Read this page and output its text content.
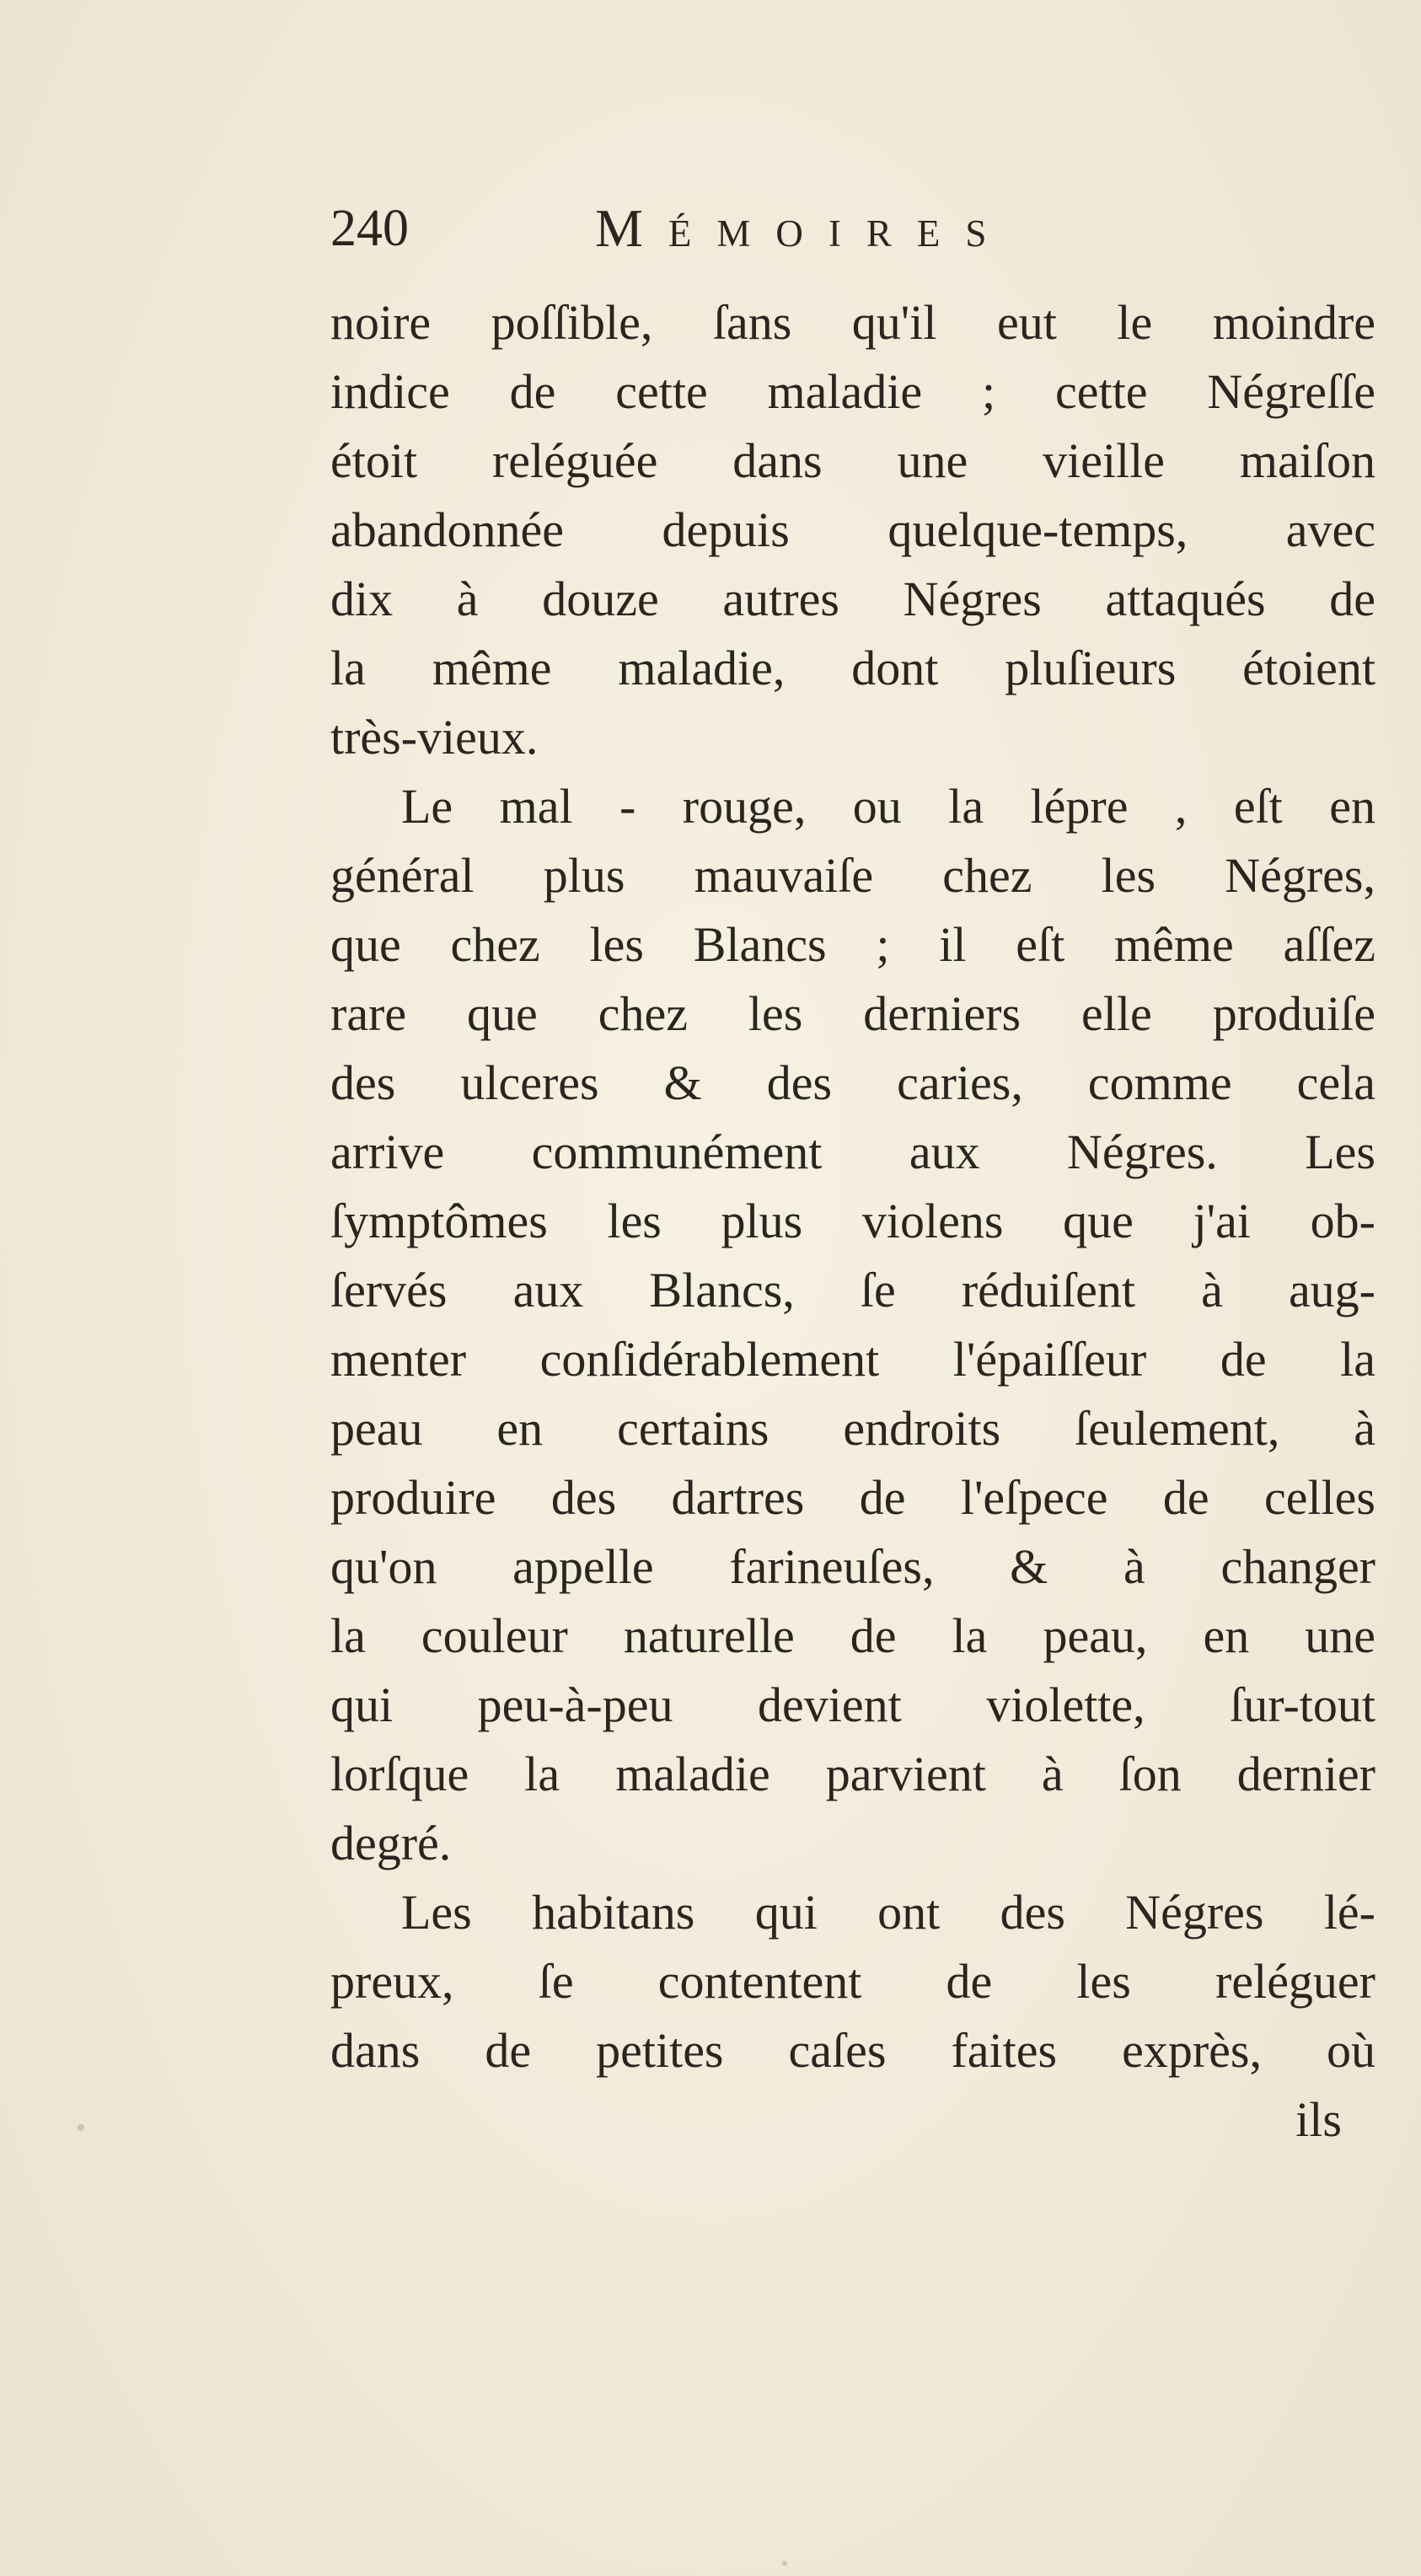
240	Mémoires
noire poſſible, ſans qu'il eut le moindre
indice de cette maladie ; cette Négreſſe
étoit reléguée dans une vieille maiſon
abandonnée depuis quelque-temps, avec
dix à douze autres Négres attaqués de
la même maladie, dont pluſieurs étoient
très-vieux.
Le mal - rouge, ou la lépre , eſt en
général plus mauvaiſe chez les Négres,
que chez les Blancs ; il eſt même aſſez
rare que chez les derniers elle produiſe
des ulceres & des caries, comme cela
arrive communément aux Négres. Les
ſymptômes les plus violens que j'ai ob-
ſervés aux Blancs, ſe réduiſent à aug-
menter conſidérablement l'épaiſſeur de la
peau en certains endroits ſeulement, à
produire des dartres de l'eſpece de celles
qu'on appelle farineuſes, & à changer
la couleur naturelle de la peau, en une
qui peu-à-peu devient violette, ſur-tout
lorſque la maladie parvient à ſon dernier
degré.
Les habitans qui ont des Négres lé-
preux, ſe contentent de les reléguer
dans de petites caſes faites exprès, où
ils
